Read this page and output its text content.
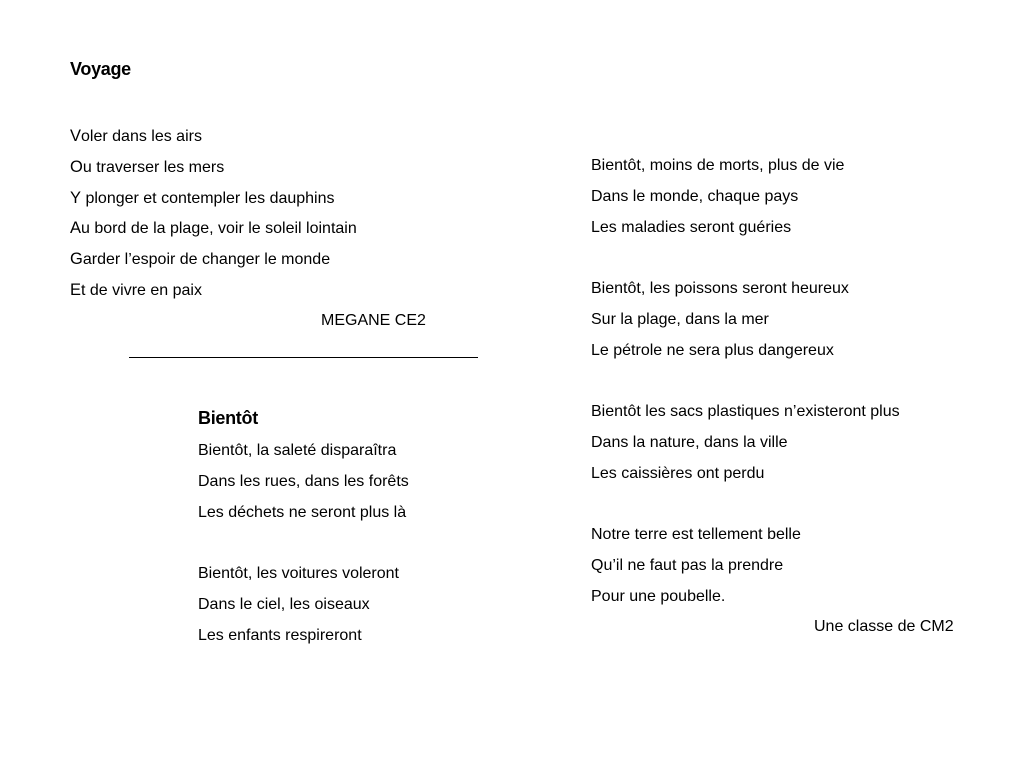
Voyage
Voler dans les airs
Ou traverser les mers
Y plonger et contempler les dauphins
Au bord de la plage, voir le soleil lointain
Garder l’espoir de changer le monde
Et de vivre en paix
MEGANE CE2
Bientôt
Bientôt, la saleté disparaîtra
Dans les rues, dans les forêts
Les déchets ne seront plus là
Bientôt, les voitures voleront
Dans le ciel, les oiseaux
Les enfants respireront
Bientôt, moins de morts, plus de vie
Dans le monde, chaque pays
Les maladies seront guéries
Bientôt, les poissons seront heureux
Sur la plage, dans la mer
Le pétrole ne sera plus dangereux
Bientôt les sacs plastiques n’existeront plus
Dans la nature, dans la ville
Les caissières ont perdu
Notre terre est tellement belle
Qu’il ne faut pas la prendre
Pour une poubelle.
Une classe de CM2
